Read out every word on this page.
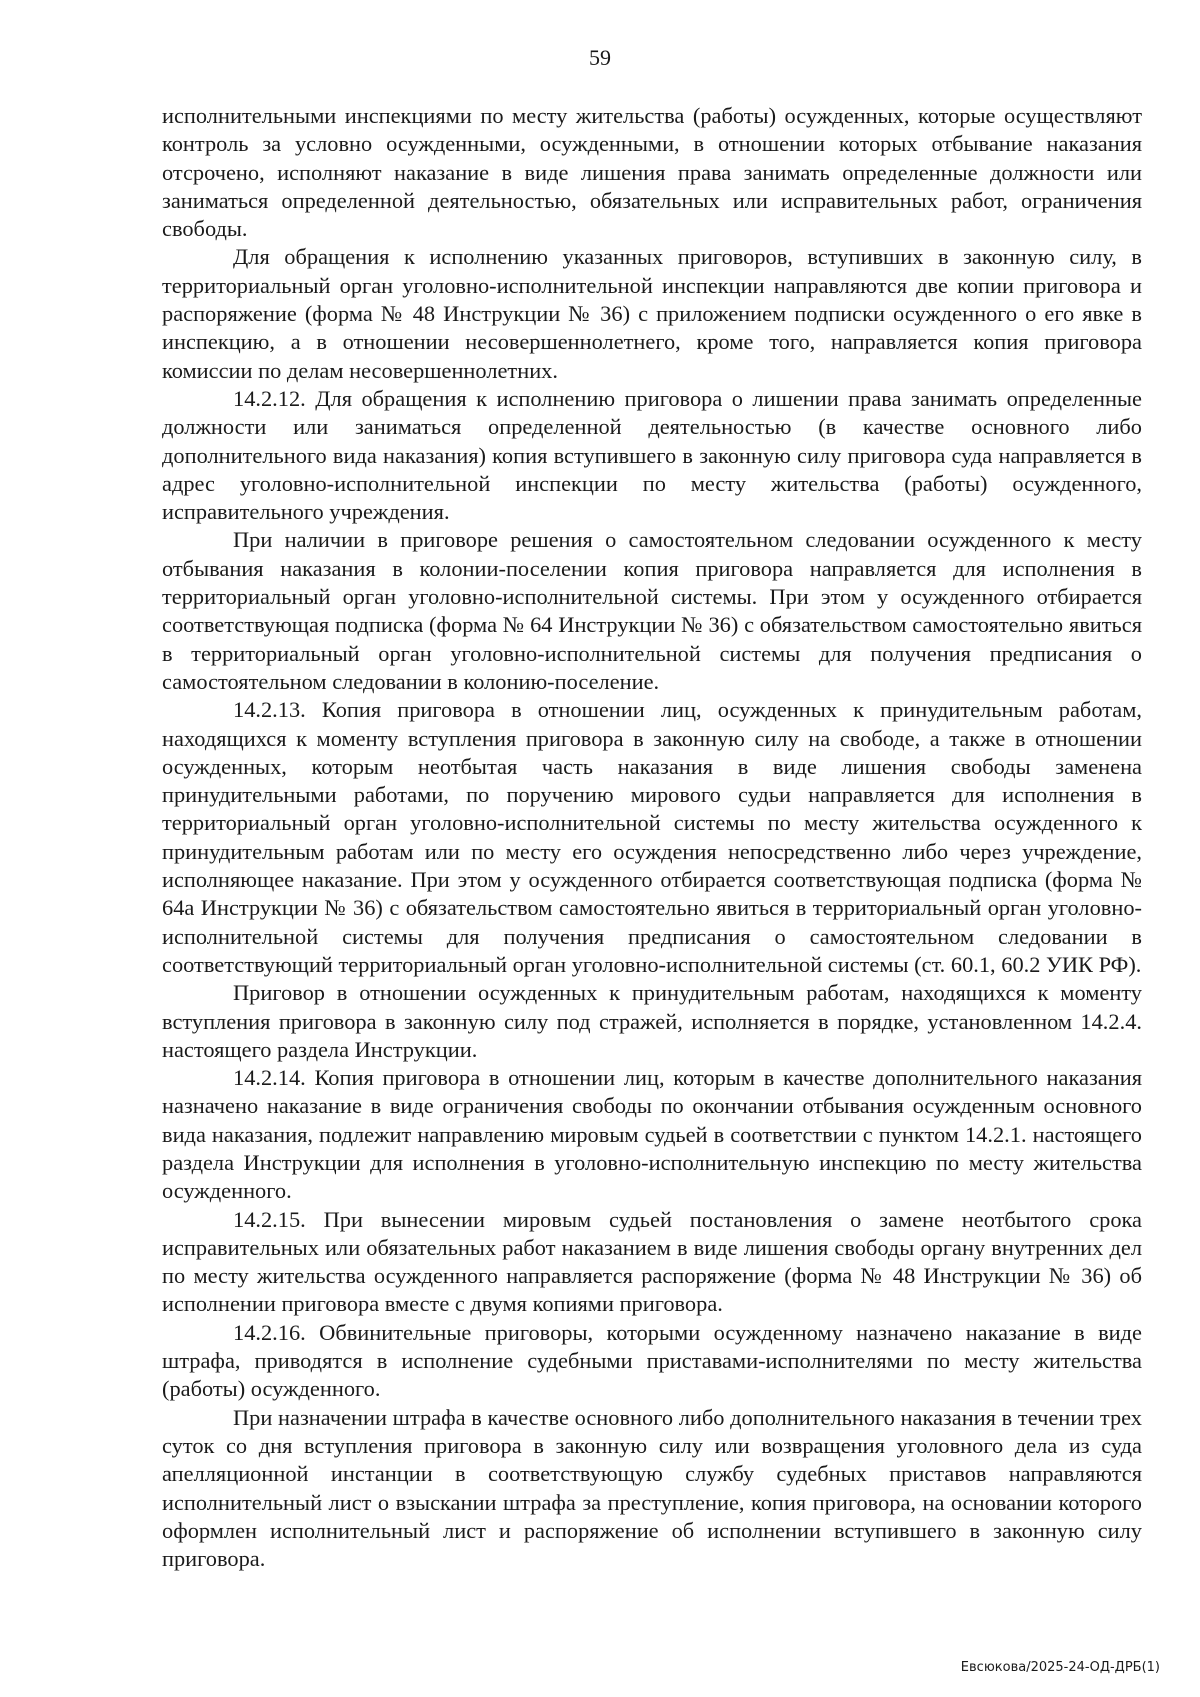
59

исполнительными инспекциями по месту жительства (работы) осужденных, которые осуществляют контроль за условно осужденными, осужденными, в отношении которых отбывание наказания отсрочено, исполняют наказание в виде лишения права занимать определенные должности или заниматься определенной деятельностью, обязательных или исправительных работ, ограничения свободы.

Для обращения к исполнению указанных приговоров, вступивших в законную силу, в территориальный орган уголовно-исполнительной инспекции направляются две копии приговора и распоряжение (форма № 48 Инструкции № 36) с приложением подписки осужденного о его явке в инспекцию, а в отношении несовершеннолетнего, кроме того, направляется копия приговора комиссии по делам несовершеннолетних.

14.2.12. Для обращения к исполнению приговора о лишении права занимать определенные должности или заниматься определенной деятельностью (в качестве основного либо дополнительного вида наказания) копия вступившего в законную силу приговора суда направляется в адрес уголовно-исполнительной инспекции по месту жительства (работы) осужденного, исправительного учреждения.

При наличии в приговоре решения о самостоятельном следовании осужденного к месту отбывания наказания в колонии-поселении копия приговора направляется для исполнения в территориальный орган уголовно-исполнительной системы. При этом у осужденного отбирается соответствующая подписка (форма № 64 Инструкции № 36) с обязательством самостоятельно явиться в территориальный орган уголовно-исполнительной системы для получения предписания о самостоятельном следовании в колонию-поселение.

14.2.13. Копия приговора в отношении лиц, осужденных к принудительным работам, находящихся к моменту вступления приговора в законную силу на свободе, а также в отношении осужденных, которым неотбытая часть наказания в виде лишения свободы заменена принудительными работами, по поручению мирового судьи направляется для исполнения в территориальный орган уголовно-исполнительной системы по месту жительства осужденного к принудительным работам или по месту его осуждения непосредственно либо через учреждение, исполняющее наказание. При этом у осужденного отбирается соответствующая подписка (форма № 64а Инструкции № 36) с обязательством самостоятельно явиться в территориальный орган уголовно-исполнительной системы для получения предписания о самостоятельном следовании в соответствующий территориальный орган уголовно-исполнительной системы (ст. 60.1, 60.2 УИК РФ).

Приговор в отношении осужденных к принудительным работам, находящихся к моменту вступления приговора в законную силу под стражей, исполняется в порядке, установленном 14.2.4. настоящего раздела Инструкции.

14.2.14. Копия приговора в отношении лиц, которым в качестве дополнительного наказания назначено наказание в виде ограничения свободы по окончании отбывания осужденным основного вида наказания, подлежит направлению мировым судьей в соответствии с пунктом 14.2.1. настоящего раздела Инструкции для исполнения в уголовно-исполнительную инспекцию по месту жительства осужденного.

14.2.15. При вынесении мировым судьей постановления о замене неотбытого срока исправительных или обязательных работ наказанием в виде лишения свободы органу внутренних дел по месту жительства осужденного направляется распоряжение (форма № 48 Инструкции № 36) об исполнении приговора вместе с двумя копиями приговора.

14.2.16. Обвинительные приговоры, которыми осужденному назначено наказание в виде штрафа, приводятся в исполнение судебными приставами-исполнителями по месту жительства (работы) осужденного.

При назначении штрафа в качестве основного либо дополнительного наказания в течении трех суток со дня вступления приговора в законную силу или возвращения уголовного дела из суда апелляционной инстанции в соответствующую службу судебных приставов направляются исполнительный лист о взыскании штрафа за преступление, копия приговора, на основании которого оформлен исполнительный лист и распоряжение об исполнении вступившего в законную силу приговора.

Евсюкова/2025-24-ОД-ДРБ(1)
